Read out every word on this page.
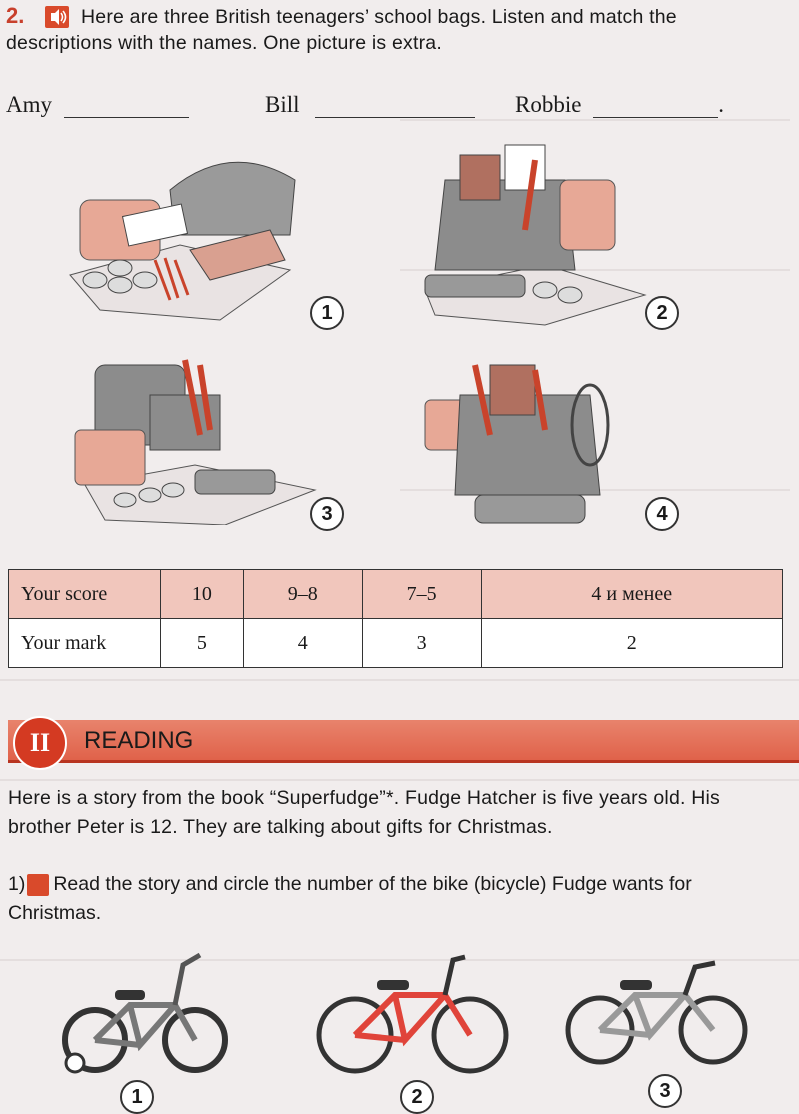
2.	Here are three British teenagers’ school bags. Listen and match the descriptions with the names. One picture is extra.
Amy	Bill	Robbie	.
1	2
3	4
Your score	10	9–8	7–5	4 и менее
Your mark	5	4	3	2
II	READING
Here is a story from the book “Superfudge”*. Fudge Hatcher is five years old. His brother Peter is 12. They are talking about gifts for Christmas.
1) Read the story and circle the number of the bike (bicycle) Fudge wants for Christmas.
1	2	3
